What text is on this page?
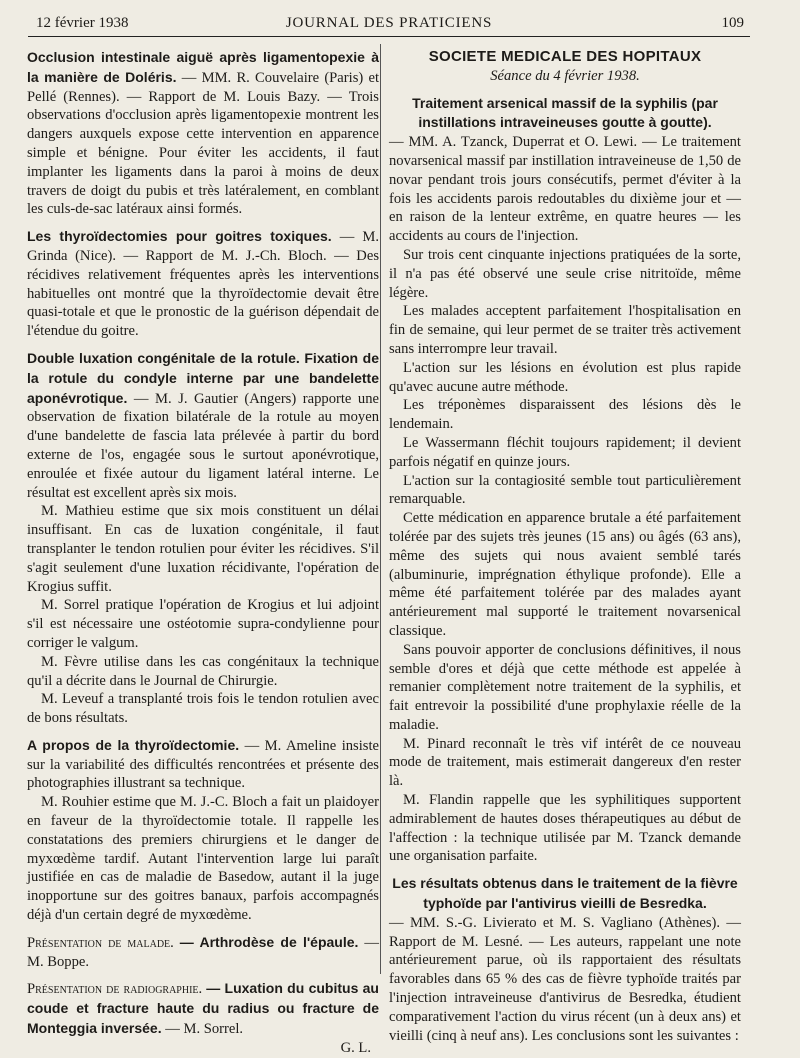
12 février 1938	JOURNAL DES PRATICIENS	109

Occlusion intestinale aiguë après ligamentopexie à la manière de Doléris. — MM. R. Couvelaire (Paris) et Pellé (Rennes). — Rapport de M. Louis Bazy. — Trois observations d'occlusion après ligamentopexie montrent les dangers auxquels expose cette intervention en apparence simple et bénigne. Pour éviter les accidents, il faut implanter les ligaments dans la paroi à moins de deux travers de doigt du pubis et très latéralement, en comblant les culs-de-sac latéraux ainsi formés.

Les thyroïdectomies pour goitres toxiques. — M. Grinda (Nice). — Rapport de M. J.-Ch. Bloch. — Des récidives relativement fréquentes après les interventions habituelles ont montré que la thyroïdectomie devait être quasi-totale et que le pronostic de la guérison dépendait de l'étendue du goitre.

Double luxation congénitale de la rotule. Fixation de la rotule du condyle interne par une bandelette aponévrotique. — M. J. Gautier (Angers) rapporte une observation de fixation bilatérale de la rotule au moyen d'une bandelette de fascia lata prélevée à partir du bord externe de l'os, engagée sous le surtout aponévrotique, enroulée et fixée autour du ligament latéral interne. Le résultat est excellent après six mois.

M. Mathieu estime que six mois constituent un délai insuffisant. En cas de luxation congénitale, il faut transplanter le tendon rotulien pour éviter les récidives. S'il s'agit seulement d'une luxation récidivante, l'opération de Krogius suffit.

M. Sorrel pratique l'opération de Krogius et lui adjoint s'il est nécessaire une ostéotomie supra-condylienne pour corriger le valgum.

M. Fèvre utilise dans les cas congénitaux la technique qu'il a décrite dans le Journal de Chirurgie.

M. Leveuf a transplanté trois fois le tendon rotulien avec de bons résultats.

A propos de la thyroïdectomie. — M. Ameline insiste sur la variabilité des difficultés rencontrées et présente des photographies illustrant sa technique.

M. Rouhier estime que M. J.-C. Bloch a fait un plaidoyer en faveur de la thyroïdectomie totale. Il rappelle les constatations des premiers chirurgiens et le danger de myxœdème tardif. Autant l'intervention large lui paraît justifiée en cas de maladie de Basedow, autant il la juge inopportune sur des goitres banaux, parfois accompagnés déjà d'un certain degré de myxœdème.

Présentation de malade. — Arthrodèse de l'épaule. — M. Boppe.

Présentation de radiographie. — Luxation du cubitus au coude et fracture haute du radius ou fracture de Monteggia inversée. — M. Sorrel.

G. L.

SOCIETE MEDICALE DES HOPITAUX

Séance du 4 février 1938.

Traitement arsenical massif de la syphilis (par instillations intraveineuses goutte à goutte).

— MM. A. Tzanck, Duperrat et O. Lewi. — Le traitement novarsenical massif par instillation intraveineuse de 1,50 de novar pendant trois jours consécutifs, permet d'éviter à la fois les accidents parois redoutables du dixième jour et — en raison de la lenteur extrême, en quatre heures — les accidents au cours de l'injection.

Sur trois cent cinquante injections pratiquées de la sorte, il n'a pas été observé une seule crise nitritoïde, même légère.

Les malades acceptent parfaitement l'hospitalisation en fin de semaine, qui leur permet de se traiter très activement sans interrompre leur travail.

L'action sur les lésions en évolution est plus rapide qu'avec aucune autre méthode.

Les tréponèmes disparaissent des lésions dès le lendemain.

Le Wassermann fléchit toujours rapidement; il devient parfois négatif en quinze jours.

L'action sur la contagiosité semble tout particulièrement remarquable.

Cette médication en apparence brutale a été parfaitement tolérée par des sujets très jeunes (15 ans) ou âgés (63 ans), même des sujets qui nous avaient semblé tarés (albuminurie, imprégnation éthylique profonde). Elle a même été parfaitement tolérée par des malades ayant antérieurement mal supporté le traitement novarsenical classique.

Sans pouvoir apporter de conclusions définitives, il nous semble d'ores et déjà que cette méthode est appelée à remanier complètement notre traitement de la syphilis, et fait entrevoir la possibilité d'une prophylaxie réelle de la maladie.

M. Pinard reconnaît le très vif intérêt de ce nouveau mode de traitement, mais estimerait dangereux d'en rester là.

M. Flandin rappelle que les syphilitiques supportent admirablement de hautes doses thérapeutiques au début de l'affection : la technique utilisée par M. Tzanck demande une organisation parfaite.

Les résultats obtenus dans le traitement de la fièvre typhoïde par l'antivirus vieilli de Besredka.

— MM. S.-G. Livierato et M. S. Vagliano (Athènes). — Rapport de M. Lesné. — Les auteurs, rappelant une note antérieurement parue, où ils rapportaient des résultats favorables dans 65 % des cas de fièvre typhoïde traités par l'injection intraveineuse d'antivirus de Besredka, étudient comparativement l'action du virus récent (un à deux ans) et vieilli (cinq à neuf ans). Les conclusions sont les suivantes :
